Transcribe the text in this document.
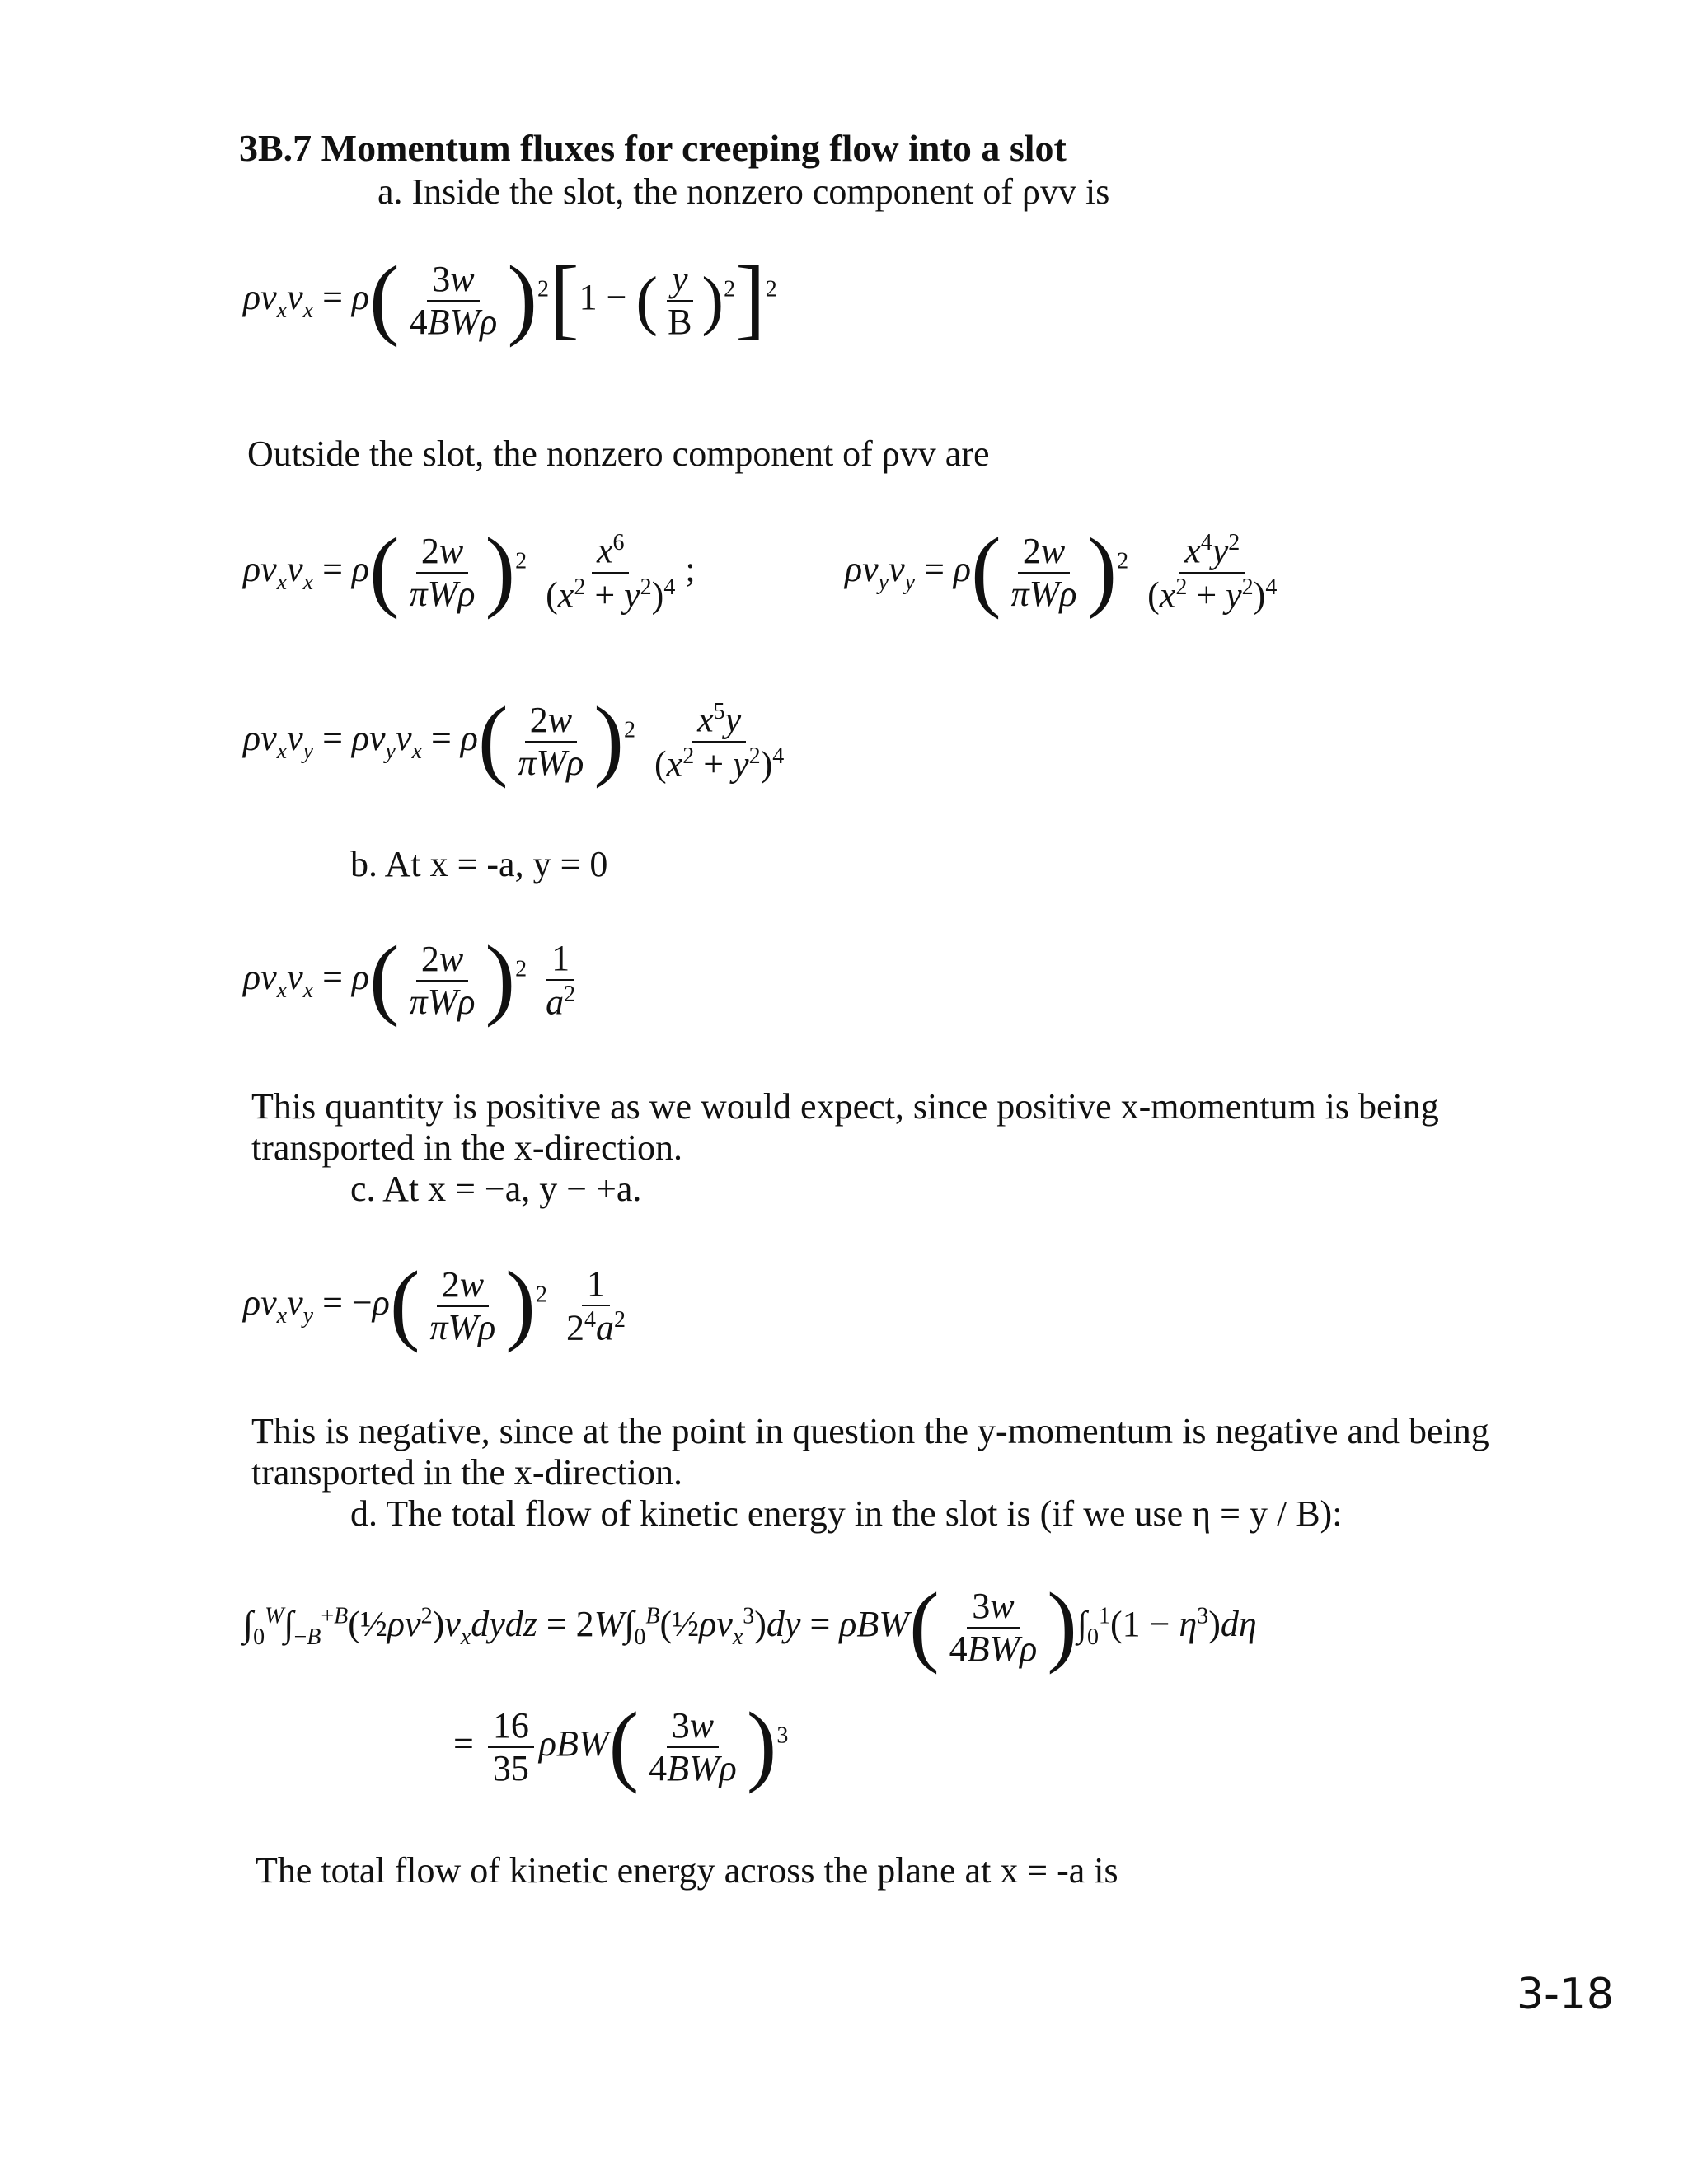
3B.7 Momentum fluxes for creeping flow into a slot
a. Inside the slot, the nonzero component of ρvv is
$\rho v_xv_x = \rho( \frac{3w}{\text{4BWρ}} )^2[1$ − ( $\frac{y}{B} )^2]^2$
Outside the slot, the nonzero component of ρvv are
$\rho v_xv_x = \rho( \frac{2w}{\text{πWρ}} )^2 \frac{x^6}{(x^2 + y^2)^4}$ ;	$\rho v_yv_y = \rho( \frac{2w}{\text{πWρ}} )^2 \frac{x^4y^2}{(x^2 + y^2)^4}$
$\rho v_xv_y = \rho v_yv_x = \rho( \frac{2w}{\text{πWρ}} )^2 \frac{x^5y}{(x^2 + y^2)^4}$
b. At x = -a, y = 0
$\rho v_xv_x = \rho( \frac{2w}{\text{πWρ}} )^2 \frac{1}{a^2}$
This quantity is positive as we would expect, since positive x-momentum is being transported in the x-direction.
c. At x = −a, y − +a.
$\rho v_xv_y = -\rho( \frac{2w}{\text{πWρ}} )^2 \frac{1}{2^4a^2}$
This is negative, since at the point in question the y-momentum is negative and being transported in the x-direction.
d. The total flow of kinetic energy in the slot is (if we use η = y / B):
$\int_0^W\int_{-B}^{+B}(\frac{1}{2}\rho v^2)v_xdydz$ = $2W\int_0^B(\frac{1}{2}\rho v_x^3)dy = \rho BW( \frac{3w}{\text{4BWρ}} )\int_0^1(1 - \eta^3)d\eta$
= $\frac{16}{35} \rho BW( \frac{3w}{\text{4BWρ}} )^3$
The total flow of kinetic energy across the plane at x = -a is
3-18
